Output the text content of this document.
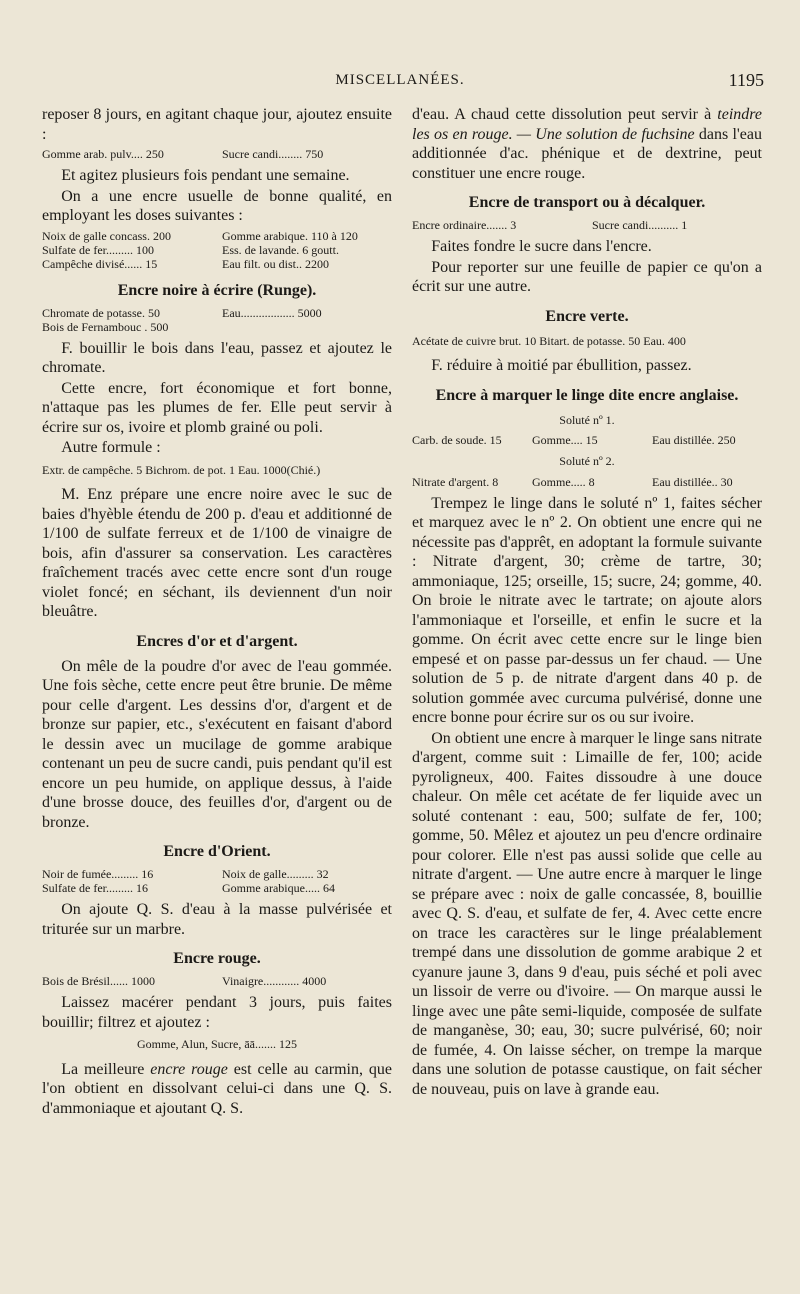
MISCELLANÉES.	1195

reposer 8 jours, en agitant chaque jour, ajoutez ensuite :

Gomme arab. pulv.... 250	Sucre candi........ 750

Et agitez plusieurs fois pendant une semaine.

On a une encre usuelle de bonne qualité, en employant les doses suivantes :

Noix de galle concass. 200	Gomme arabique. 110 à 120
Sulfate de fer......... 100	Ess. de lavande. 6 goutt.
Campêche divisé...... 15	Eau filt. ou dist.. 2200
Encre noire à écrire (Runge).
Chromate de potasse. 50	Eau.................. 5000
Bois de Fernambouc . 500

F. bouillir le bois dans l'eau, passez et ajoutez le chromate.

Cette encre, fort économique et fort bonne, n'attaque pas les plumes de fer. Elle peut servir à écrire sur os, ivoire et plomb grainé ou poli.

Autre formule :

Extr. de campêche. 5 Bichrom. de pot. 1 Eau. 1000(Chié.)

M. Enz prépare une encre noire avec le suc de baies d'hyèble étendu de 200 p. d'eau et additionné de 1/100 de sulfate ferreux et de 1/100 de vinaigre de bois, afin d'assurer sa conservation. Les caractères fraîchement tracés avec cette encre sont d'un rouge violet foncé; en séchant, ils deviennent d'un noir bleuâtre.

Encres d'or et d'argent.

On mêle de la poudre d'or avec de l'eau gommée. Une fois sèche, cette encre peut être brunie. De même pour celle d'argent. Les dessins d'or, d'argent et de bronze sur papier, etc., s'exécutent en faisant d'abord le dessin avec un mucilage de gomme arabique contenant un peu de sucre candi, puis pendant qu'il est encore un peu humide, on applique dessus, à l'aide d'une brosse douce, des feuilles d'or, d'argent ou de bronze.

Encre d'Orient.
Noir de fumée......... 16	Noix de galle......... 32
Sulfate de fer......... 16	Gomme arabique..... 64

On ajoute Q. S. d'eau à la masse pulvérisée et triturée sur un marbre.

Encre rouge.
Bois de Brésil...... 1000	Vinaigre............ 4000

Laissez macérer pendant 3 jours, puis faites bouillir; filtrez et ajoutez :

Gomme, Alun, Sucre, āā....... 125

La meilleure encre rouge est celle au carmin, que l'on obtient en dissolvant celui-ci dans une Q. S. d'ammoniaque et ajoutant Q. S.

d'eau. A chaud cette dissolution peut servir à teindre les os en rouge. — Une solution de fuchsine dans l'eau additionnée d'ac. phénique et de dextrine, peut constituer une encre rouge.

Encre de transport ou à décalquer.
Encre ordinaire....... 3	Sucre candi.......... 1

Faites fondre le sucre dans l'encre.

Pour reporter sur une feuille de papier ce qu'on a écrit sur une autre.

Encre verte.
Acétate de cuivre brut. 10 Bitart. de potasse. 50 Eau. 400

F. réduire à moitié par ébullition, passez.

Encre à marquer le linge dite encre anglaise.
Soluté nº 1.
Carb. de soude. 15	Gomme.... 15	Eau distillée. 250
Soluté nº 2.
Nitrate d'argent. 8	Gomme..... 8	Eau distillée.. 30

Trempez le linge dans le soluté nº 1, faites sécher et marquez avec le nº 2. On obtient une encre qui ne nécessite pas d'apprêt, en adoptant la formule suivante : Nitrate d'argent, 30; crème de tartre, 30; ammoniaque, 125; orseille, 15; sucre, 24; gomme, 40. On broie le nitrate avec le tartrate; on ajoute alors l'ammoniaque et l'orseille, et enfin le sucre et la gomme. On écrit avec cette encre sur le linge bien empesé et on passe par-dessus un fer chaud. — Une solution de 5 p. de nitrate d'argent dans 40 p. de solution gommée avec curcuma pulvérisé, donne une encre bonne pour écrire sur os ou sur ivoire.

On obtient une encre à marquer le linge sans nitrate d'argent, comme suit : Limaille de fer, 100; acide pyroligneux, 400. Faites dissoudre à une douce chaleur. On mêle cet acétate de fer liquide avec un soluté contenant : eau, 500; sulfate de fer, 100; gomme, 50. Mêlez et ajoutez un peu d'encre ordinaire pour colorer. Elle n'est pas aussi solide que celle au nitrate d'argent. — Une autre encre à marquer le linge se prépare avec : noix de galle concassée, 8, bouillie avec Q. S. d'eau, et sulfate de fer, 4. Avec cette encre on trace les caractères sur le linge préalablement trempé dans une dissolution de gomme arabique 2 et cyanure jaune 3, dans 9 d'eau, puis séché et poli avec un lissoir de verre ou d'ivoire. — On marque aussi le linge avec une pâte semi-liquide, composée de sulfate de manganèse, 30; eau, 30; sucre pulvérisé, 60; noir de fumée, 4. On laisse sécher, on trempe la marque dans une solution de potasse caustique, on fait sécher de nouveau, puis on lave à grande eau.
